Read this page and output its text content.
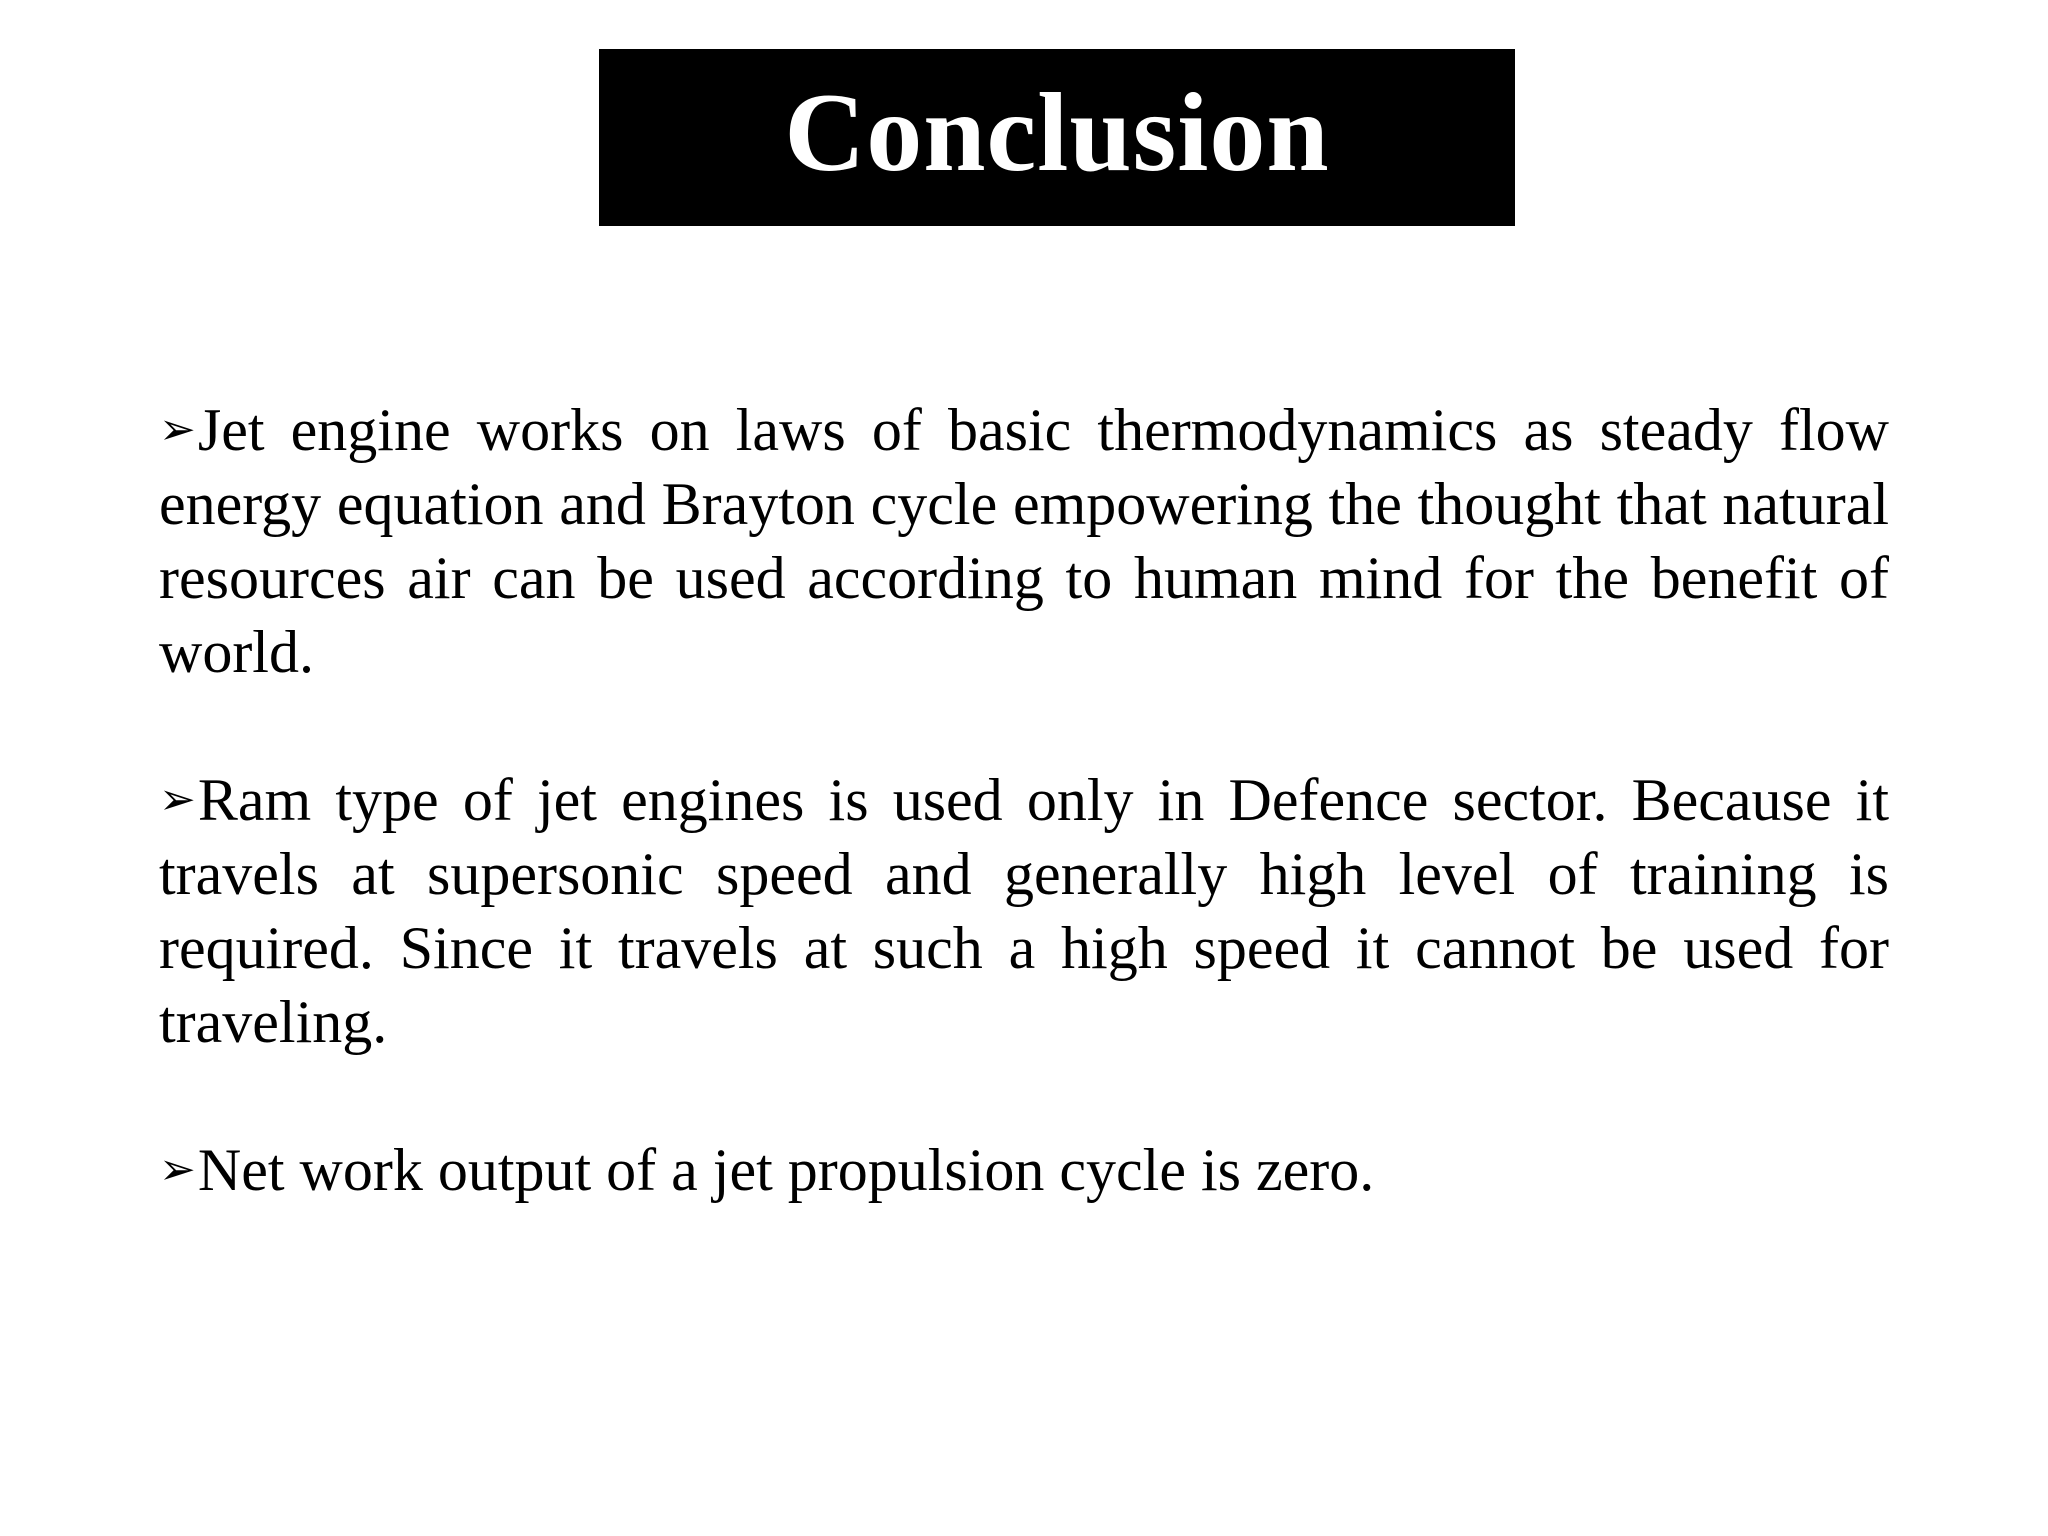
Conclusion

➢Jet engine works on laws of basic thermodynamics as steady flow energy equation and Brayton cycle empowering the thought that natural resources air can be used according to human mind for the benefit of world.

➢Ram type of jet engines is used only in Defence sector. Because it travels at supersonic speed and generally high level of training is required. Since it travels at such a high speed it cannot be used for traveling.

➢Net work output of a jet propulsion cycle is zero.
